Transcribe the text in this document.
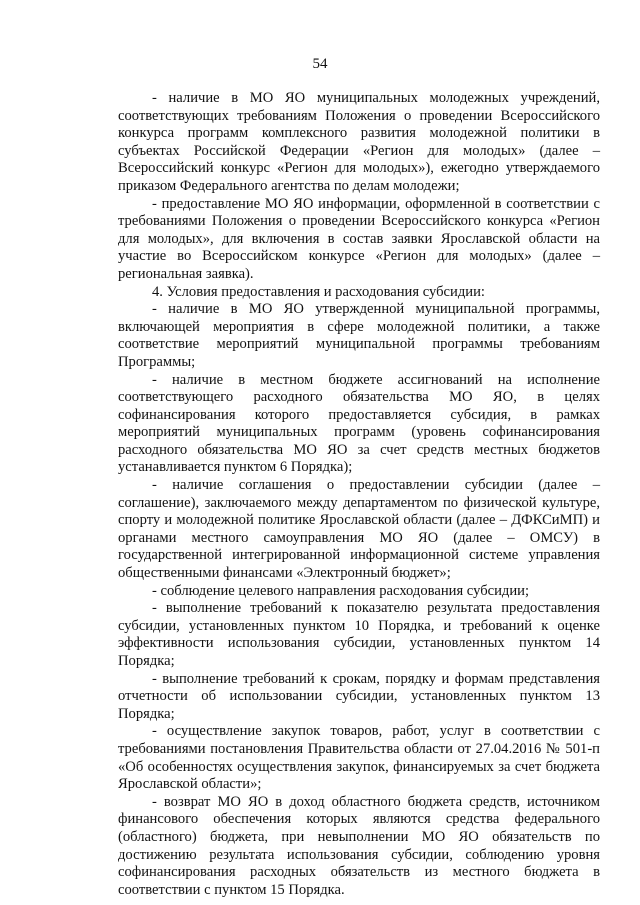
54

- наличие в МО ЯО муниципальных молодежных учреждений, соответствующих требованиям Положения о проведении Всероссийского конкурса программ комплексного развития молодежной политики в субъектах Российской Федерации «Регион для молодых» (далее – Всероссийский конкурс «Регион для молодых»), ежегодно утверждаемого приказом Федерального агентства по делам молодежи;

- предоставление МО ЯО информации, оформленной в соответствии с требованиями Положения о проведении Всероссийского конкурса «Регион для молодых», для включения в состав заявки Ярославской области на участие во Всероссийском конкурсе «Регион для молодых» (далее – региональная заявка).

4. Условия предоставления и расходования субсидии:

- наличие в МО ЯО утвержденной муниципальной программы, включающей мероприятия в сфере молодежной политики, а также соответствие мероприятий муниципальной программы требованиям Программы;

- наличие в местном бюджете ассигнований на исполнение соответствующего расходного обязательства МО ЯО, в целях софинансирования которого предоставляется субсидия, в рамках мероприятий муниципальных программ (уровень софинансирования расходного обязательства МО ЯО за счет средств местных бюджетов устанавливается пунктом 6 Порядка);

- наличие соглашения о предоставлении субсидии (далее – соглашение), заключаемого между департаментом по физической культуре, спорту и молодежной политике Ярославской области (далее – ДФКСиМП) и органами местного самоуправления МО ЯО (далее – ОМСУ) в государственной интегрированной информационной системе управления общественными финансами «Электронный бюджет»;

- соблюдение целевого направления расходования субсидии;

- выполнение требований к показателю результата предоставления субсидии, установленных пунктом 10 Порядка, и требований к оценке эффективности использования субсидии, установленных пунктом 14 Порядка;

- выполнение требований к срокам, порядку и формам представления отчетности об использовании субсидии, установленных пунктом 13 Порядка;

- осуществление закупок товаров, работ, услуг в соответствии с требованиями постановления Правительства области от 27.04.2016 № 501-п «Об особенностях осуществления закупок, финансируемых за счет бюджета Ярославской области»;

- возврат МО ЯО в доход областного бюджета средств, источником финансового обеспечения которых являются средства федерального (областного) бюджета, при невыполнении МО ЯО обязательств по достижению результата использования субсидии, соблюдению уровня софинансирования расходных обязательств из местного бюджета в соответствии с пунктом 15 Порядка.
